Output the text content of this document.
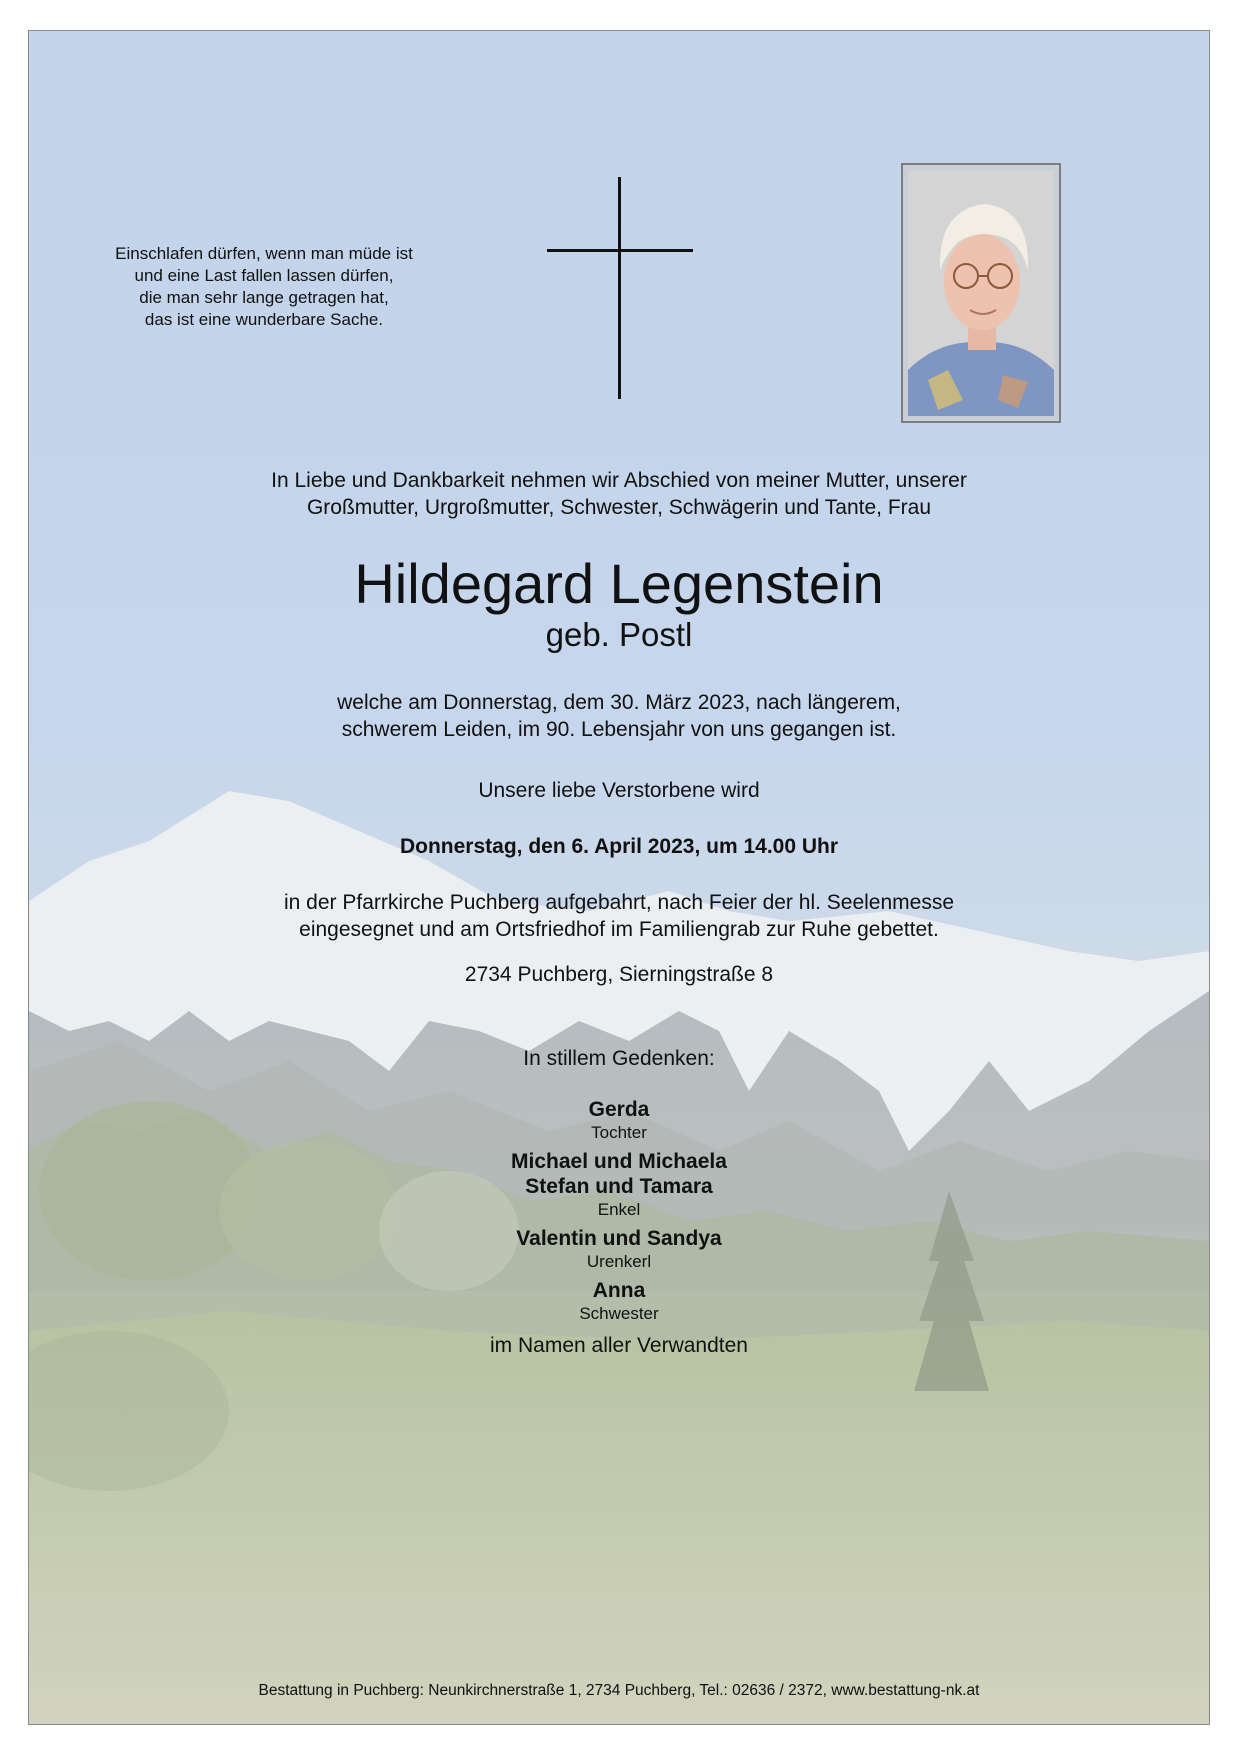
Einschlafen dürfen, wenn man müde ist
und eine Last fallen lassen dürfen,
die man sehr lange getragen hat,
das ist eine wunderbare Sache.
In Liebe und Dankbarkeit nehmen wir Abschied von meiner Mutter, unserer
Großmutter, Urgroßmutter, Schwester, Schwägerin und Tante, Frau
Hildegard Legenstein
geb. Postl
welche am Donnerstag, dem 30. März 2023, nach längerem,
schwerem Leiden, im 90. Lebensjahr von uns gegangen ist.
Unsere liebe Verstorbene wird
Donnerstag, den 6. April 2023, um 14.00 Uhr
in der Pfarrkirche Puchberg aufgebahrt, nach Feier der hl. Seelenmesse
eingesegnet und am Ortsfriedhof im Familiengrab zur Ruhe gebettet.
2734 Puchberg, Sierningstraße 8
In stillem Gedenken:
Gerda
Tochter
Michael und Michaela
Stefan und Tamara
Enkel
Valentin und Sandya
Urenkerl
Anna
Schwester
im Namen aller Verwandten
Bestattung in Puchberg: Neunkirchnerstraße 1, 2734 Puchberg, Tel.: 02636 / 2372, www.bestattung-nk.at
